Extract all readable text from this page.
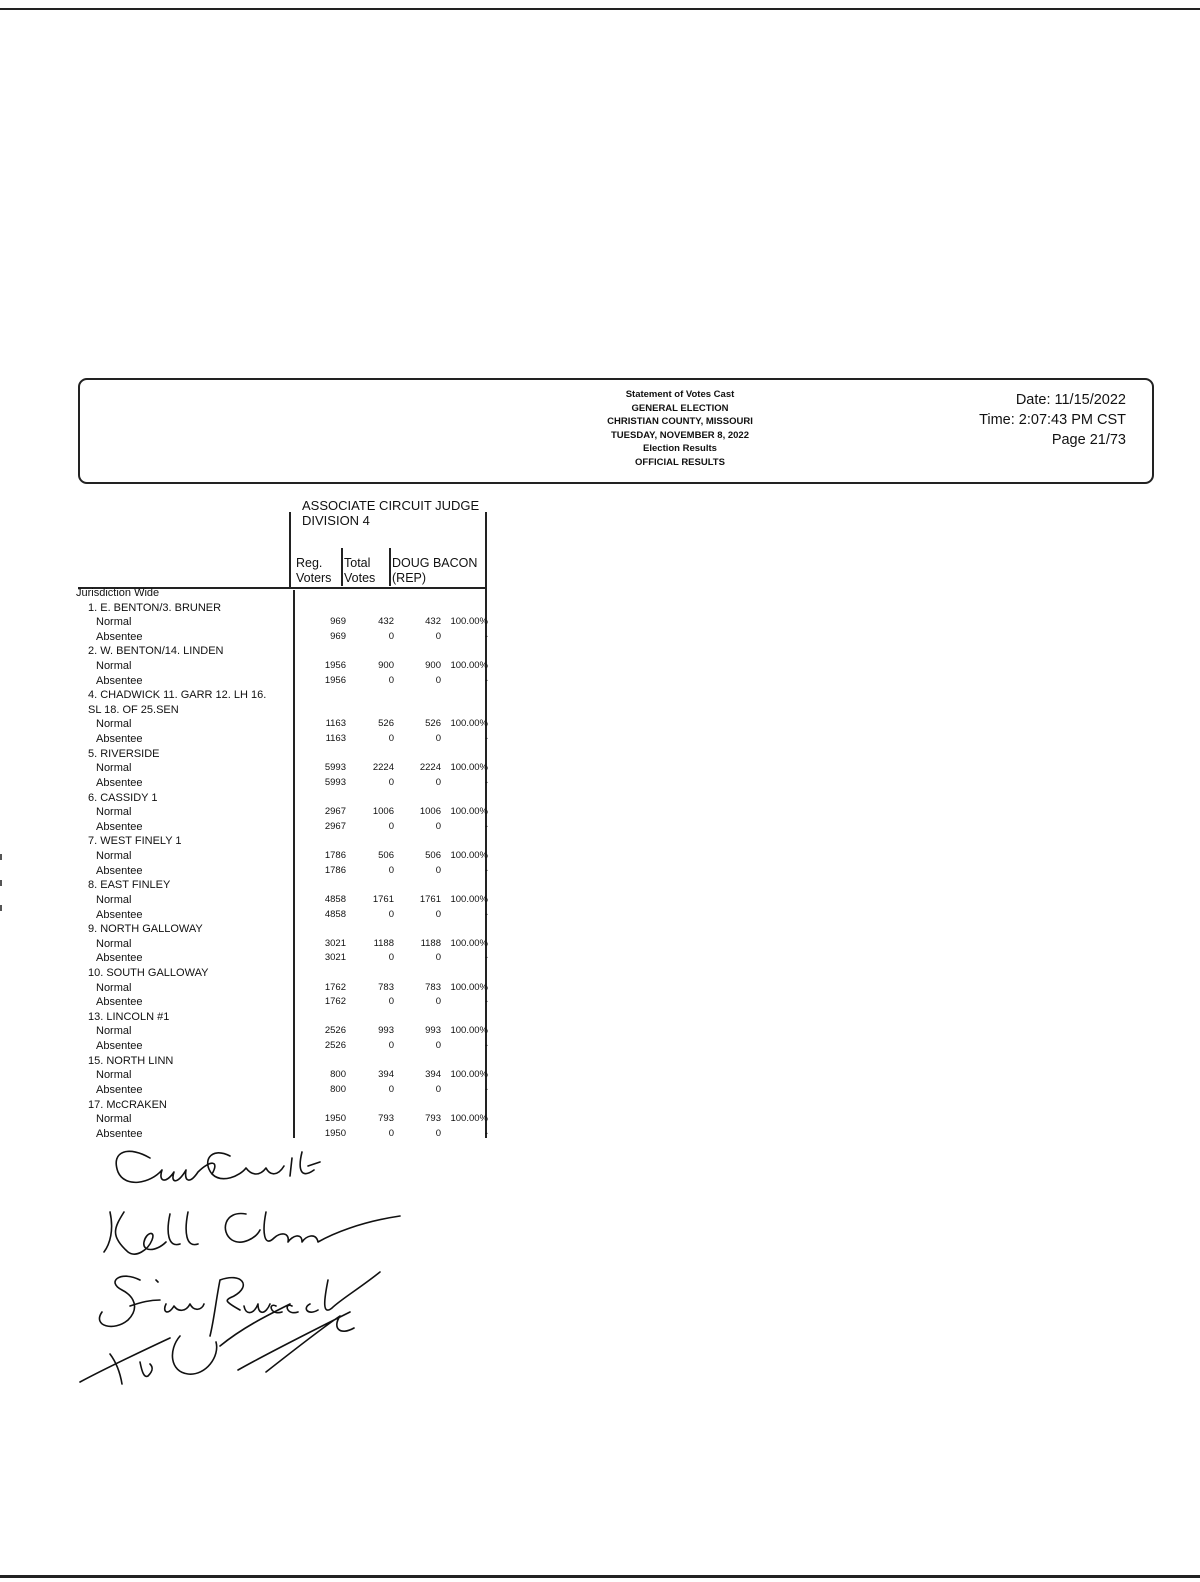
Statement of Votes Cast
GENERAL ELECTION
CHRISTIAN COUNTY, MISSOURI
TUESDAY, NOVEMBER 8, 2022
Election Results
OFFICIAL RESULTS
Date: 11/15/2022
Time: 2:07:43 PM CST
Page 21/73
ASSOCIATE CIRCUIT JUDGE
DIVISION 4
Reg.
Voters
Total
Votes
DOUG BACON
(REP)
Jurisdiction Wide
1. E. BENTON/3. BRUNER
Normal	969	432	432 100.00%
Absentee	969	0	0	-
2. W. BENTON/14. LINDEN
Normal	1956	900	900 100.00%
Absentee	1956	0	0	-
4. CHADWICK 11. GARR 12. LH 16.
SL 18. OF 25.SEN
Normal	1163	526	526 100.00%
Absentee	1163	0	0	-
5. RIVERSIDE
Normal	5993	2224	2224 100.00%
Absentee	5993	0	0	-
6. CASSIDY 1
Normal	2967	1006	1006 100.00%
Absentee	2967	0	0	-
7. WEST FINELY 1
Normal	1786	506	506 100.00%
Absentee	1786	0	0	-
8. EAST FINLEY
Normal	4858	1761	1761 100.00%
Absentee	4858	0	0	-
9. NORTH GALLOWAY
Normal	3021	1188	1188 100.00%
Absentee	3021	0	0	-
10. SOUTH GALLOWAY
Normal	1762	783	783 100.00%
Absentee	1762	0	0	-
13. LINCOLN #1
Normal	2526	993	993 100.00%
Absentee	2526	0	0	-
15. NORTH LINN
Normal	800	394	394 100.00%
Absentee	800	0	0	-
17. McCRAKEN
Normal	1950	793	793 100.00%
Absentee	1950	0	0	-
